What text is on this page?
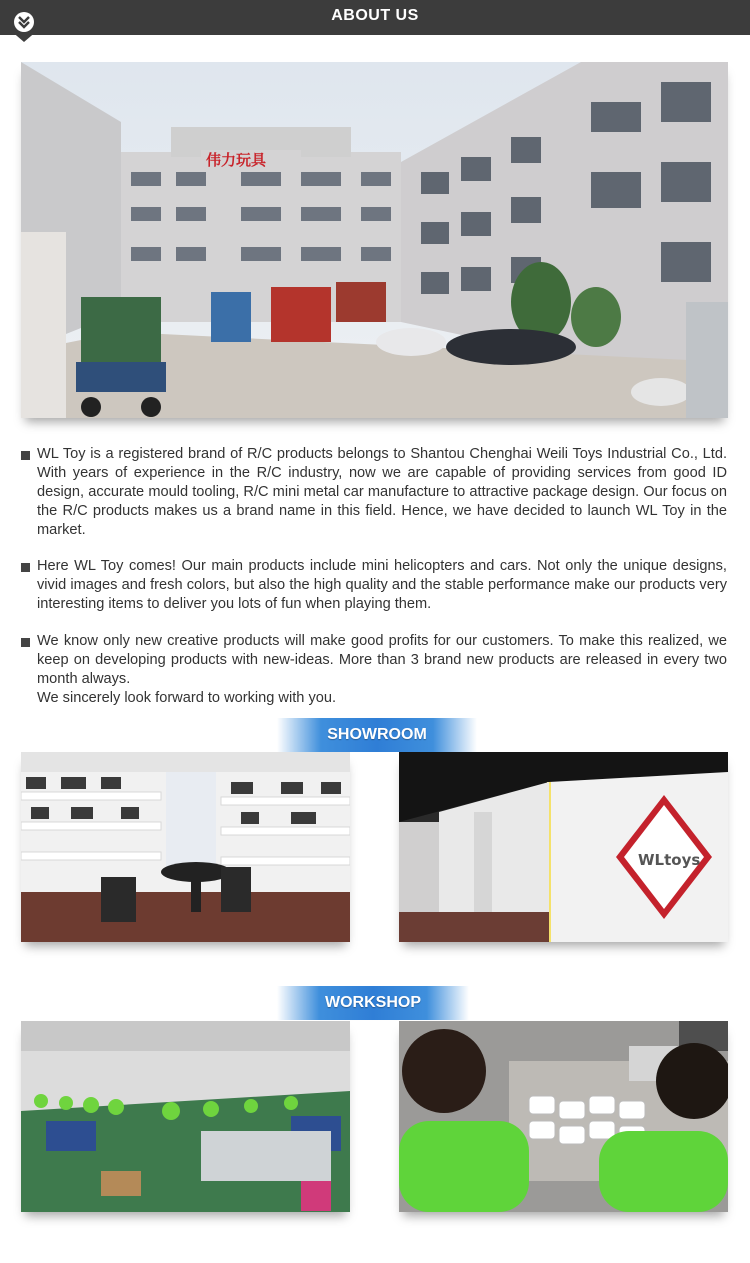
ABOUT US
伟力玩具

WL Toy is a registered brand of R/C products belongs to Shantou Chenghai Weili Toys Industrial Co., Ltd. With years of experience in the R/C industry, now we are capable of providing services from good ID design, accurate mould tooling, R/C mini metal car manufacture to attractive package design. Our focus on the R/C products makes us a brand name in this field. Hence, we have decided to launch WL Toy in the market.

Here WL Toy comes! Our main products include mini helicopters and cars. Not only the unique designs, vivid images and fresh colors, but also the high quality and the stable performance make our products very interesting items to deliver you lots of fun when playing them.

We know only new creative products will make good profits for our customers. To make this realized, we keep on developing products with new-ideas. More than 3 brand new products are released in every two month always.

We sincerely look forward to working with you.

SHOWROOM
WLtoys
WORKSHOP
